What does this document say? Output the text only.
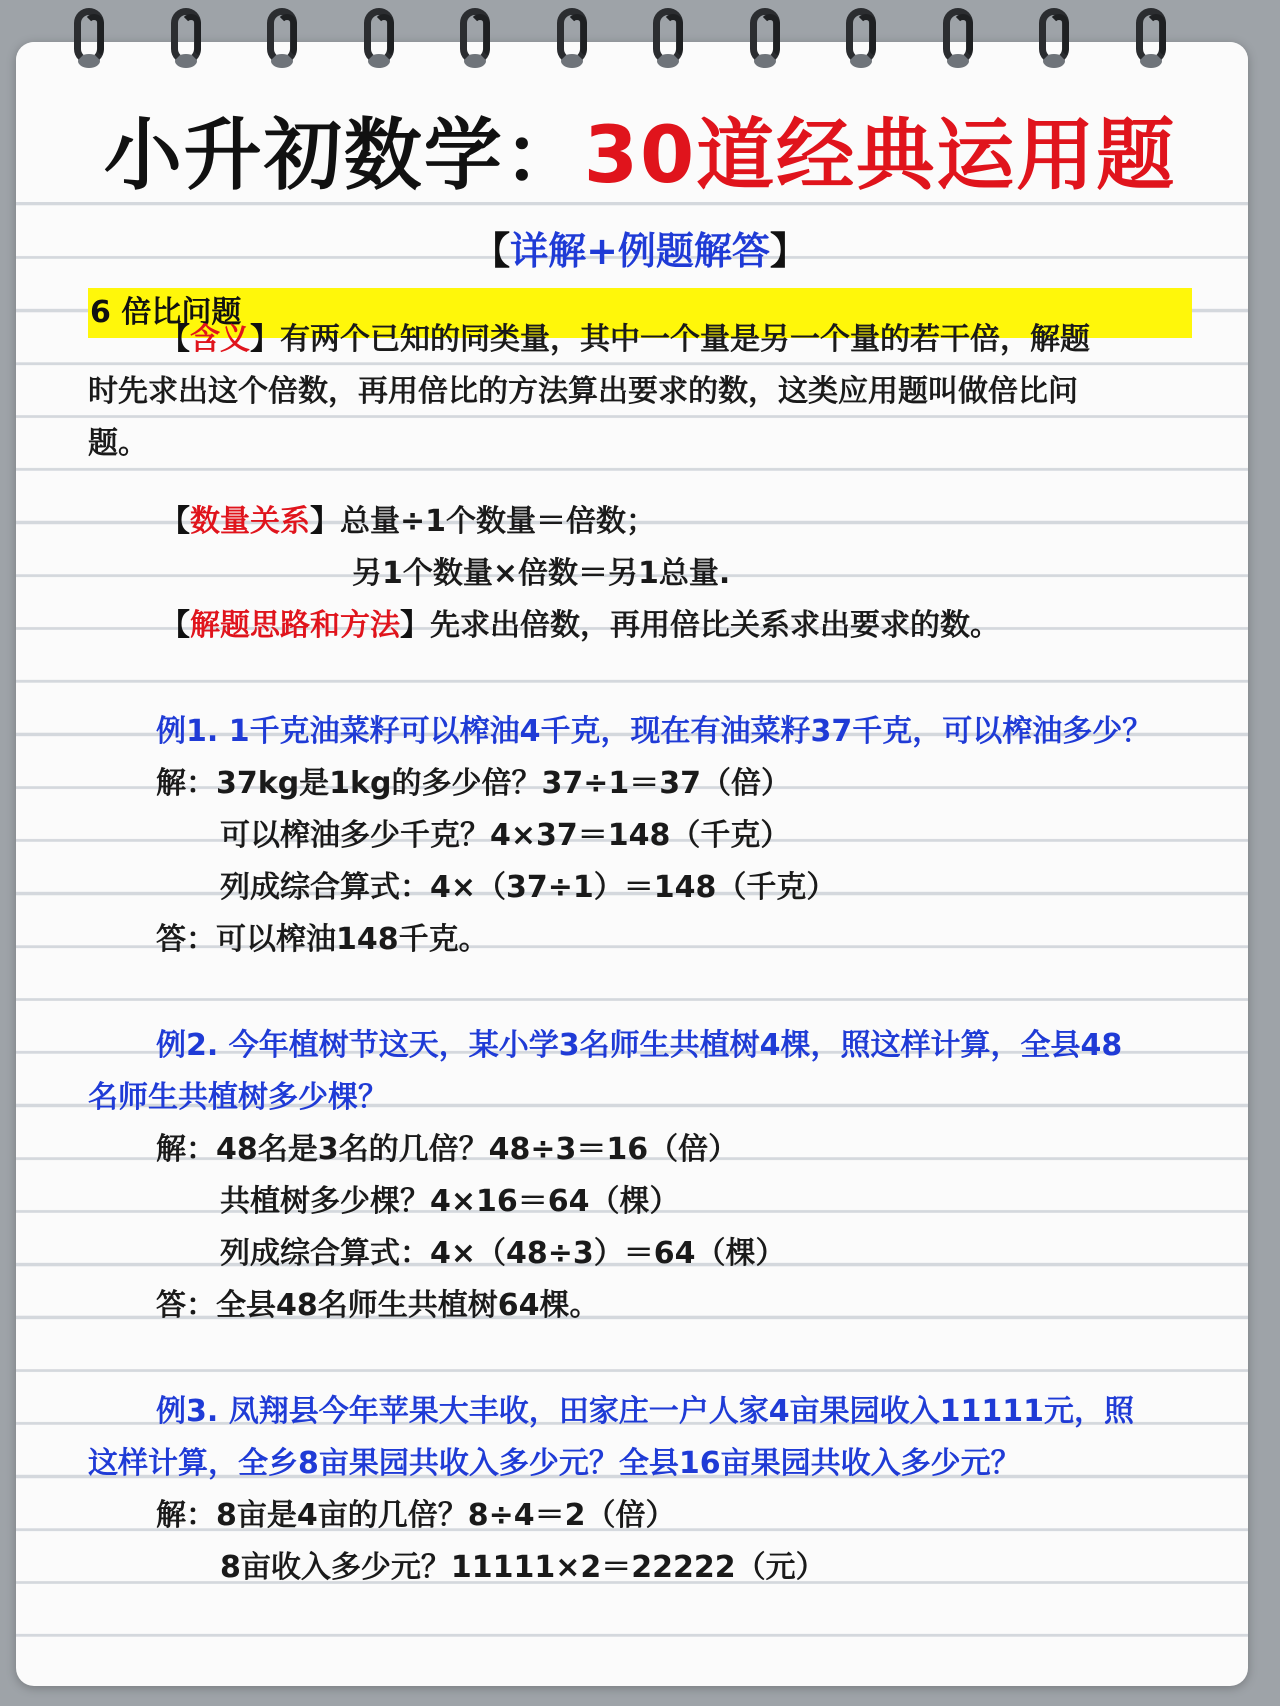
小升初数学：30道经典运用题
【详解+例题解答】
6 倍比问题
【含义】有两个已知的同类量，其中一个量是另一个量的若干倍，解题
时先求出这个倍数，再用倍比的方法算出要求的数，这类应用题叫做倍比问
题。
【数量关系】总量÷1个数量＝倍数；
另1个数量×倍数＝另1总量.
【解题思路和方法】先求出倍数，再用倍比关系求出要求的数。
例1. 1千克油菜籽可以榨油4千克，现在有油菜籽37千克，可以榨油多少？
解：37kg是1kg的多少倍？37÷1＝37（倍）
可以榨油多少千克？4×37＝148（千克）
列成综合算式：4×（37÷1）＝148（千克）
答：可以榨油148千克。
例2. 今年植树节这天，某小学3名师生共植树4棵，照这样计算，全县48
名师生共植树多少棵？
解：48名是3名的几倍？48÷3＝16（倍）
共植树多少棵？4×16＝64（棵）
列成综合算式：4×（48÷3）＝64（棵）
答：全县48名师生共植树64棵。
例3. 凤翔县今年苹果大丰收，田家庄一户人家4亩果园收入11111元，照
这样计算，全乡8亩果园共收入多少元？全县16亩果园共收入多少元？
解：8亩是4亩的几倍？8÷4＝2（倍）
8亩收入多少元？11111×2＝22222（元）
